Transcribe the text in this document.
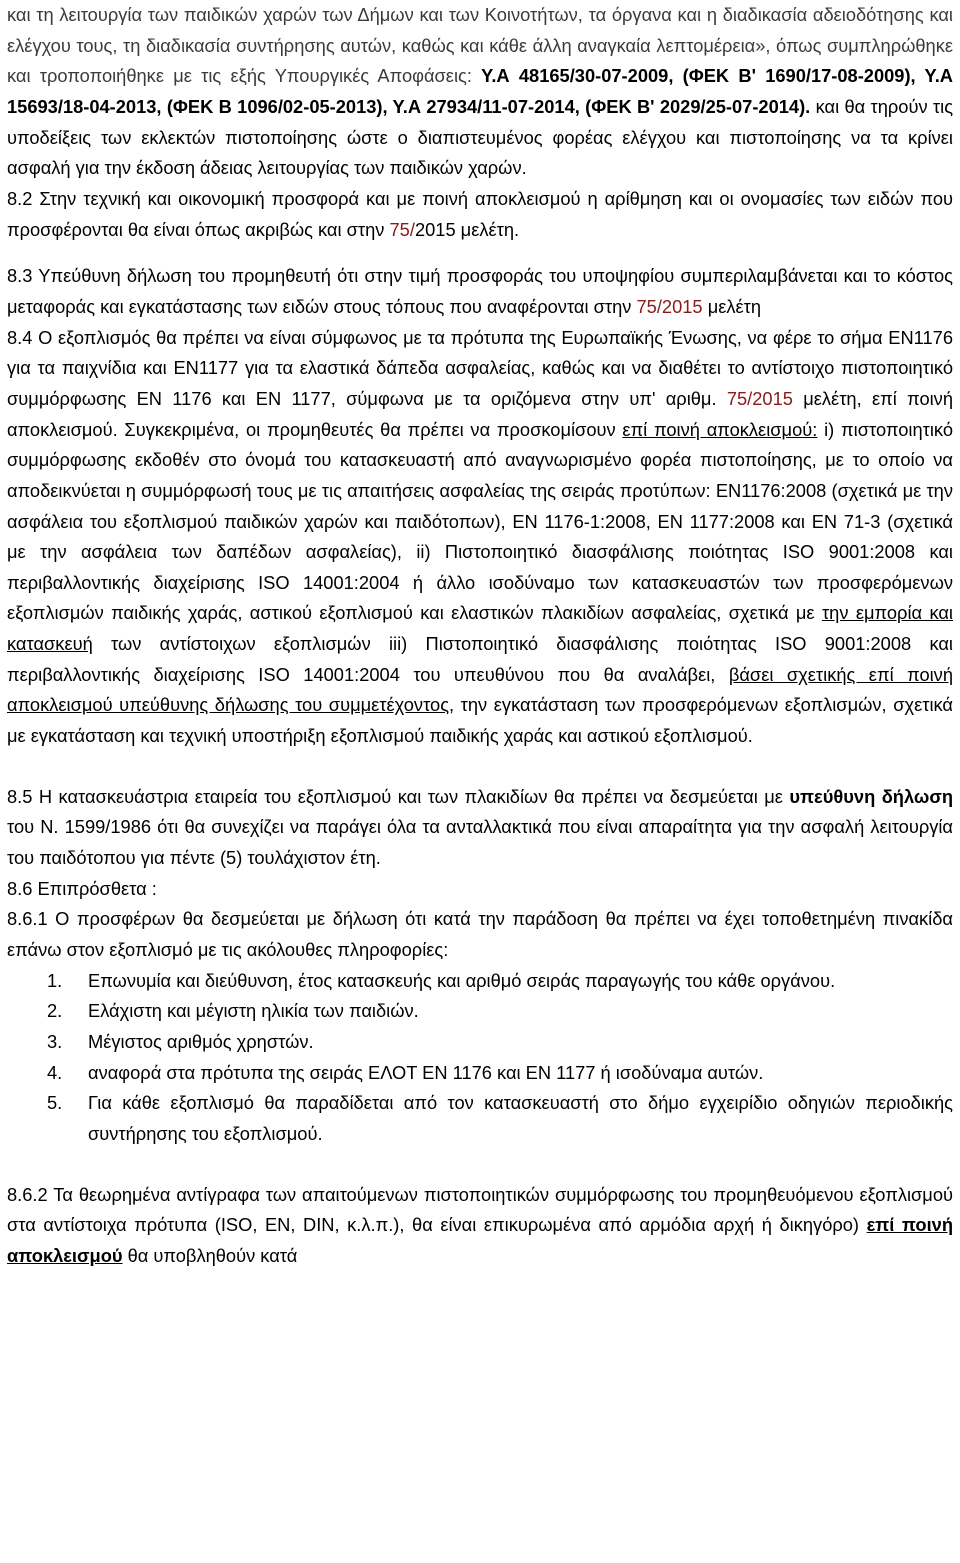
και τη λειτουργία των παιδικών χαρών των Δήμων και των Κοινοτήτων, τα όργανα και η διαδικασία αδειοδότησης και ελέγχου τους, τη διαδικασία συντήρησης αυτών, καθώς και κάθε άλλη αναγκαία λεπτομέρεια», όπως συμπληρώθηκε και τροποποιήθηκε με τις εξής Υπουργικές Αποφάσεις: Υ.Α 48165/30-07-2009, (ΦΕΚ Β' 1690/17-08-2009), Υ.Α 15693/18-04-2013, (ΦΕΚ Β 1096/02-05-2013), Υ.Α 27934/11-07-2014, (ΦΕΚ Β' 2029/25-07-2014). και θα τηρούν τις υποδείξεις των εκλεκτών πιστοποίησης ώστε ο διαπιστευμένος φορέας ελέγχου και πιστοποίησης να τα κρίνει ασφαλή για την έκδοση άδειας λειτουργίας των παιδικών χαρών.

8.2 Στην τεχνική και οικονομική προσφορά και με ποινή αποκλεισμού η αρίθμηση και οι ονομασίες των ειδών που προσφέρονται θα είναι όπως ακριβώς και στην 75/2015 μελέτη.

8.3 Υπεύθυνη δήλωση του προμηθευτή ότι στην τιμή προσφοράς του υποψηφίου συμπεριλαμβάνεται και το κόστος μεταφοράς και εγκατάστασης των ειδών στους τόπους που αναφέρονται στην 75/2015 μελέτη

8.4 Ο εξοπλισμός θα πρέπει να είναι σύμφωνος με τα πρότυπα της Ευρωπαϊκής Ένωσης, να φέρε το σήμα ΕΝ1176 για τα παιχνίδια και ΕΝ1177 για τα ελαστικά δάπεδα ασφαλείας, καθώς και να διαθέτει το αντίστοιχο πιστοποιητικό συμμόρφωσης ΕΝ 1176 και ΕΝ 1177, σύμφωνα με τα οριζόμενα στην υπ' αριθμ. 75/2015 μελέτη, επί ποινή αποκλεισμού. Συγκεκριμένα, οι προμηθευτές θα πρέπει να προσκομίσουν επί ποινή αποκλεισμού: i) πιστοποιητικό συμμόρφωσης εκδοθέν στο όνομά του κατασκευαστή από αναγνωρισμένο φορέα πιστοποίησης, με το οποίο να αποδεικνύεται η συμμόρφωσή τους με τις απαιτήσεις ασφαλείας της σειράς προτύπων: ΕΝ1176:2008 (σχετικά με την ασφάλεια του εξοπλισμού παιδικών χαρών και παιδότοπων), ΕΝ 1176-1:2008, ΕΝ 1177:2008 και ΕΝ 71-3 (σχετικά με την ασφάλεια των δαπέδων ασφαλείας), ii) Πιστοποιητικό διασφάλισης ποιότητας ISO 9001:2008 και περιβαλλοντικής διαχείρισης ISO 14001:2004 ή άλλο ισοδύναμο των κατασκευαστών των προσφερόμενων εξοπλισμών παιδικής χαράς, αστικού εξοπλισμού και ελαστικών πλακιδίων ασφαλείας, σχετικά με την εμπορία και κατασκευή των αντίστοιχων εξοπλισμών iii) Πιστοποιητικό διασφάλισης ποιότητας ISO 9001:2008 και περιβαλλοντικής διαχείρισης ISO 14001:2004 του υπευθύνου που θα αναλάβει, βάσει σχετικής επί ποινή αποκλεισμού υπεύθυνης δήλωσης του συμμετέχοντος, την εγκατάσταση των προσφερόμενων εξοπλισμών, σχετικά με εγκατάσταση και τεχνική υποστήριξη εξοπλισμού παιδικής χαράς και αστικού εξοπλισμού.

8.5 Η κατασκευάστρια εταιρεία του εξοπλισμού και των πλακιδίων θα πρέπει να δεσμεύεται με υπεύθυνη δήλωση του Ν. 1599/1986 ότι θα συνεχίζει να παράγει όλα τα ανταλλακτικά που είναι απαραίτητα για την ασφαλή λειτουργία του παιδότοπου για πέντε (5) τουλάχιστον έτη.

8.6 Επιπρόσθετα :

8.6.1 Ο προσφέρων θα δεσμεύεται με δήλωση ότι κατά την παράδοση θα πρέπει να έχει τοποθετημένη πινακίδα επάνω στον εξοπλισμό με τις ακόλουθες πληροφορίες:

1.	Επωνυμία και διεύθυνση, έτος κατασκευής και αριθμό σειράς παραγωγής του κάθε οργάνου.
2.	Ελάχιστη και μέγιστη ηλικία των παιδιών.
3.	Μέγιστος αριθμός χρηστών.
4.	αναφορά στα πρότυπα της σειράς ΕΛΟΤ ΕΝ 1176 και ΕΝ 1177 ή ισοδύναμα αυτών.
5.	Για κάθε εξοπλισμό θα παραδίδεται από τον κατασκευαστή στο δήμο εγχειρίδιο οδηγιών περιοδικής συντήρησης του εξοπλισμού.

8.6.2 Τα θεωρημένα αντίγραφα των απαιτούμενων πιστοποιητικών συμμόρφωσης του προμηθευόμενου εξοπλισμού στα αντίστοιχα πρότυπα (ISO, EN, DIN, κ.λ.π.), θα είναι επικυρωμένα από αρμόδια αρχή ή δικηγόρο) επί ποινή αποκλεισμού θα υποβληθούν κατά
